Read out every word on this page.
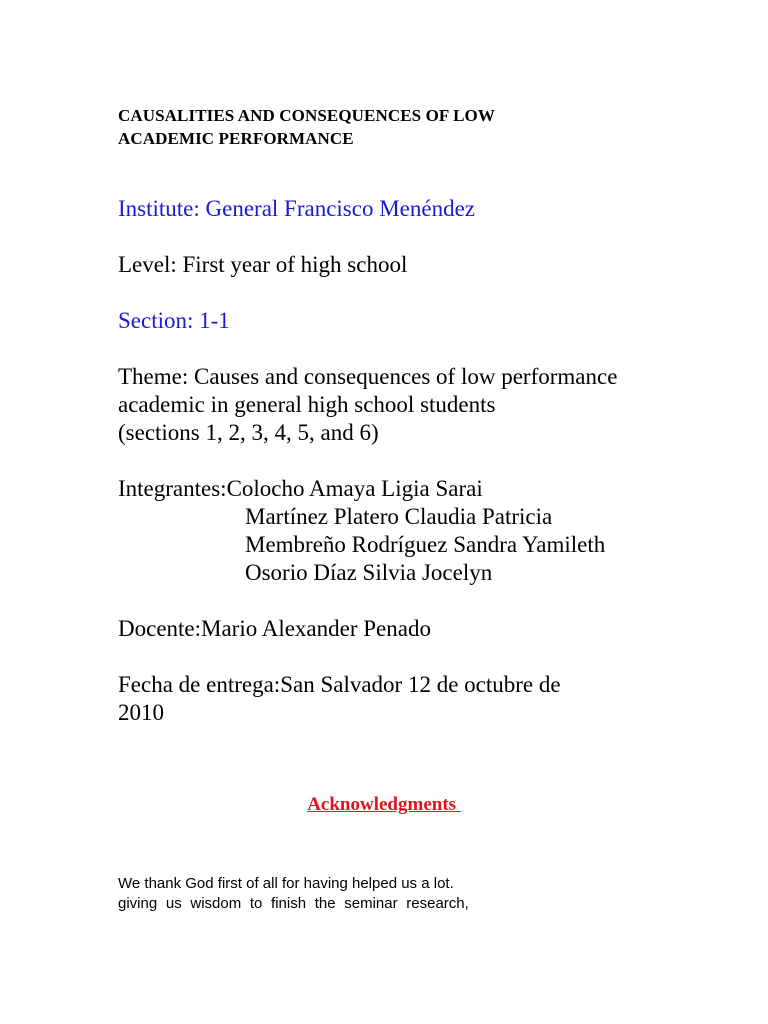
CAUSALITIES AND CONSEQUENCES OF LOW
ACADEMIC PERFORMANCE
Institute: General Francisco Menéndez
Level: First year of high school
Section: 1-1
Theme: Causes and consequences of low performance
academic in general high school students
(sections 1, 2, 3, 4, 5, and 6)
Integrantes:Colocho Amaya Ligia Sarai
Martínez Platero Claudia Patricia
Membreño Rodríguez Sandra Yamileth
Osorio Díaz Silvia Jocelyn
Docente:Mario Alexander Penado
Fecha de entrega:San Salvador 12 de octubre de
2010
Acknowledgments
We thank God first of all for having helped us a lot.
giving us wisdom to finish the seminar research,
